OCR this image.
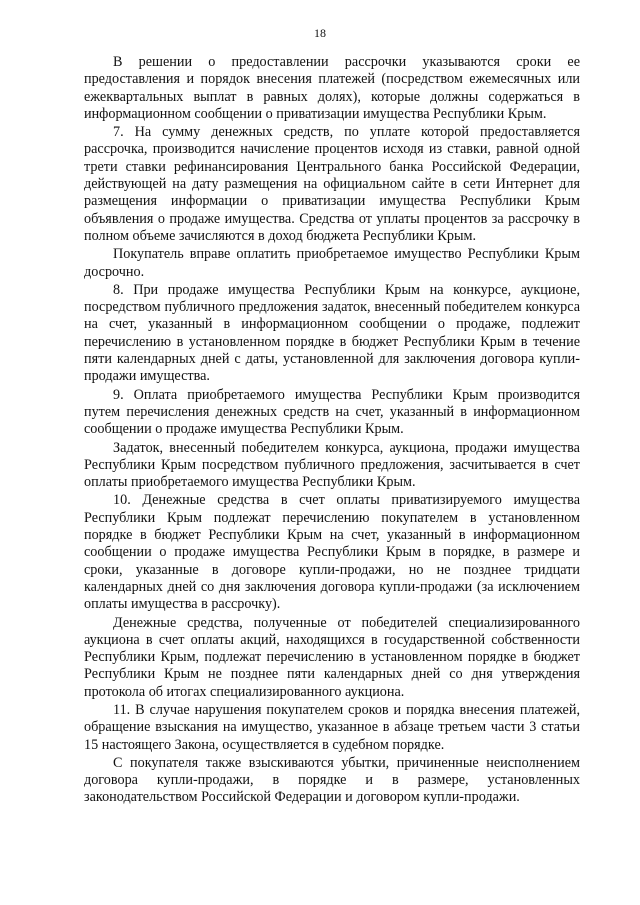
18

В решении о предоставлении рассрочки указываются сроки ее предоставления и порядок внесения платежей (посредством ежемесячных или ежеквартальных выплат в равных долях), которые должны содержаться в информационном сообщении о приватизации имущества Республики Крым.

7. На сумму денежных средств, по уплате которой предоставляется рассрочка, производится начисление процентов исходя из ставки, равной одной трети ставки рефинансирования Центрального банка Российской Федерации, действующей на дату размещения на официальном сайте в сети Интернет для размещения информации о приватизации имущества Республики Крым объявления о продаже имущества. Средства от уплаты процентов за рассрочку в полном объеме зачисляются в доход бюджета Республики Крым.

Покупатель вправе оплатить приобретаемое имущество Республики Крым досрочно.

8. При продаже имущества Республики Крым на конкурсе, аукционе, посредством публичного предложения задаток, внесенный победителем конкурса на счет, указанный в информационном сообщении о продаже, подлежит перечислению в установленном порядке в бюджет Республики Крым в течение пяти календарных дней с даты, установленной для заключения договора купли-продажи имущества.

9. Оплата приобретаемого имущества Республики Крым производится путем перечисления денежных средств на счет, указанный в информационном сообщении о продаже имущества Республики Крым.

Задаток, внесенный победителем конкурса, аукциона, продажи имущества Республики Крым посредством публичного предложения, засчитывается в счет оплаты приобретаемого имущества Республики Крым.

10. Денежные средства в счет оплаты приватизируемого имущества Республики Крым подлежат перечислению покупателем в установленном порядке в бюджет Республики Крым на счет, указанный в информационном сообщении о продаже имущества Республики Крым в порядке, в размере и сроки, указанные в договоре купли-продажи, но не позднее тридцати календарных дней со дня заключения договора купли-продажи (за исключением оплаты имущества в рассрочку).

Денежные средства, полученные от победителей специализированного аукциона в счет оплаты акций, находящихся в государственной собственности Республики Крым, подлежат перечислению в установленном порядке в бюджет Республики Крым не позднее пяти календарных дней со дня утверждения протокола об итогах специализированного аукциона.

11. В случае нарушения покупателем сроков и порядка внесения платежей, обращение взыскания на имущество, указанное в абзаце третьем части 3 статьи 15 настоящего Закона, осуществляется в судебном порядке.

С покупателя также взыскиваются убытки, причиненные неисполнением договора купли-продажи, в порядке и в размере, установленных законодательством Российской Федерации и договором купли-продажи.
